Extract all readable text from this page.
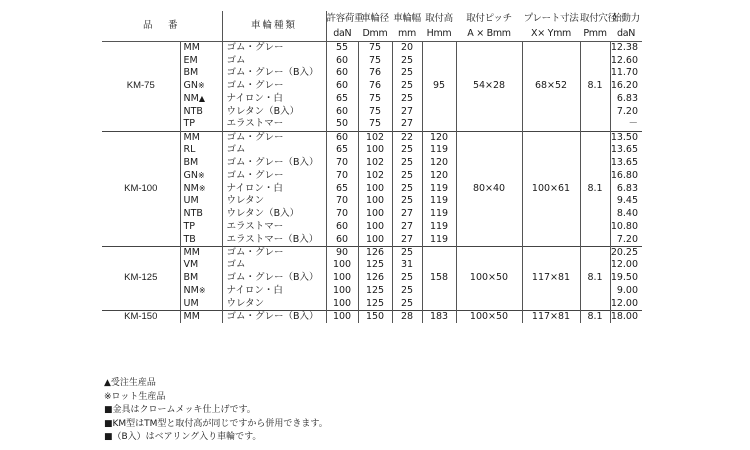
品　番		車輪種類	許容荷重	車輪径	車輪幅	取付高	取付ピッチ	プレート寸法	取付穴径	始動力
			daN	Dmm	mm	Hmm	A × Bmm	X× Ymm	Pmm	daN
KM-75	MM	ゴム・グレー	55	75	20	95	54×28	68×52	8.1	12.38
	EM	ゴム	60	75	25					12.60
	BM	ゴム・グレー（B入）	60	76	25					11.70
	GN※	ゴム・グレー	60	76	25					16.20
	NM▲	ナイロン・白	65	75	25					6.83
	NTB	ウレタン（B入）	60	75	27					7.20
	TP	エラストマー	50	75	27					－
KM-100	MM	ゴム・グレー	60	102	22	120	80×40	100×61	8.1	13.50
	RL	ゴム	65	100	25	119				13.65
	BM	ゴム・グレー（B入）	70	102	25	120				13.65
	GN※	ゴム・グレー	70	102	25	120				16.80
	NM※	ナイロン・白	65	100	25	119				6.83
	UM	ウレタン	70	100	25	119				9.45
	NTB	ウレタン（B入）	70	100	27	119				8.40
	TP	エラストマー	60	100	27	119				10.80
	TB	エラストマー（B入）	60	100	27	119				7.20
KM-125	MM	ゴム・グレー	90	126	25	158	100×50	117×81	8.1	20.25
	VM	ゴム	100	125	31					12.00
	BM	ゴム・グレー（B入）	100	126	25					19.50
	NM※	ナイロン・白	100	125	25					9.00
	UM	ウレタン	100	125	25					12.00
KM-150	MM	ゴム・グレー（B入）	100	150	28	183	100×50	117×81	8.1	18.00
▲受注生産品
※ロット生産品
■金具はクロームメッキ仕上げです。
■KM型はTM型と取付高が同じですから併用できます。
■（B入）はベアリング入り車輪です。
